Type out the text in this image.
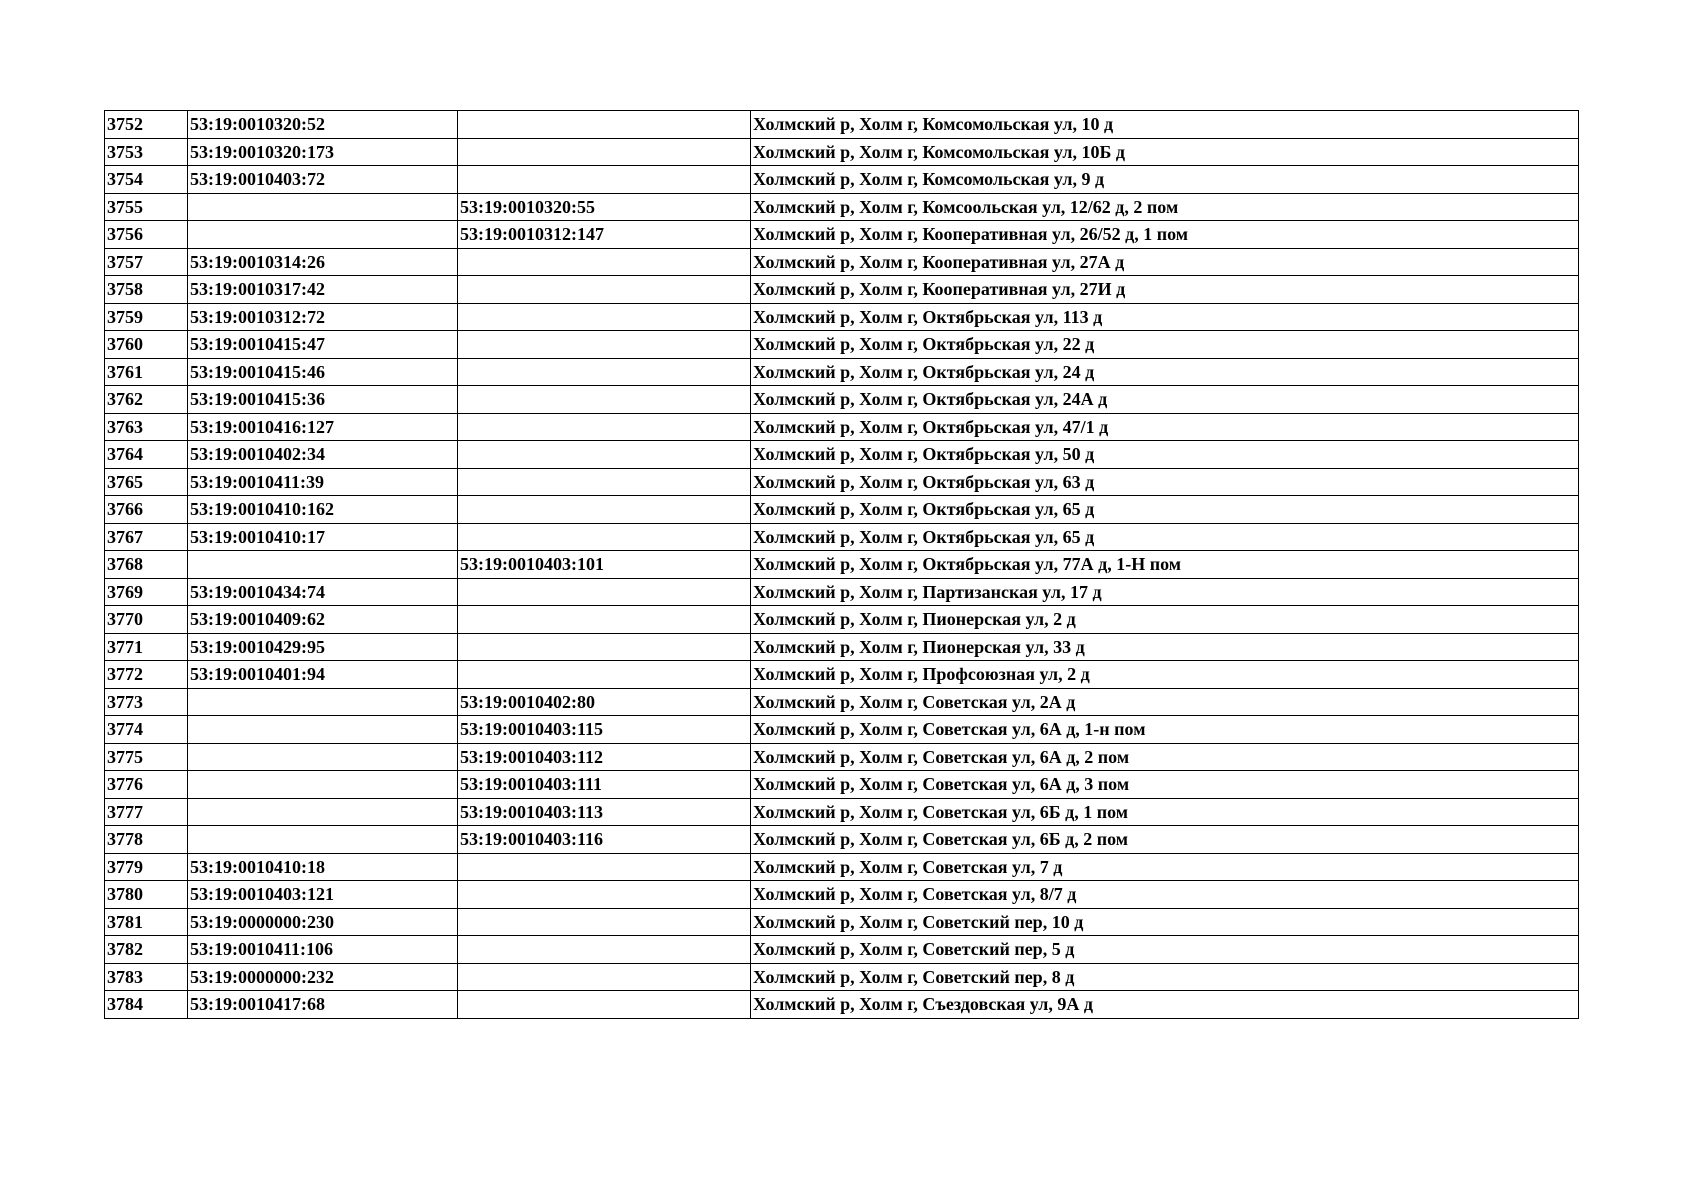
3752	53:19:0010320:52		Холмский р, Холм г, Комсомольская ул, 10 д
3753	53:19:0010320:173		Холмский р, Холм г, Комсомольская ул, 10Б д
3754	53:19:0010403:72		Холмский р, Холм г, Комсомольская ул, 9 д
3755		53:19:0010320:55	Холмский р, Холм г, Комсоольская ул, 12/62 д, 2 пом
3756		53:19:0010312:147	Холмский р, Холм г, Кооперативная ул, 26/52 д, 1 пом
3757	53:19:0010314:26		Холмский р, Холм г, Кооперативная ул, 27А д
3758	53:19:0010317:42		Холмский р, Холм г, Кооперативная ул, 27И д
3759	53:19:0010312:72		Холмский р, Холм г, Октябрьская ул, 113 д
3760	53:19:0010415:47		Холмский р, Холм г, Октябрьская ул, 22 д
3761	53:19:0010415:46		Холмский р, Холм г, Октябрьская ул, 24 д
3762	53:19:0010415:36		Холмский р, Холм г, Октябрьская ул, 24А д
3763	53:19:0010416:127		Холмский р, Холм г, Октябрьская ул, 47/1 д
3764	53:19:0010402:34		Холмский р, Холм г, Октябрьская ул, 50 д
3765	53:19:0010411:39		Холмский р, Холм г, Октябрьская ул, 63 д
3766	53:19:0010410:162		Холмский р, Холм г, Октябрьская ул, 65 д
3767	53:19:0010410:17		Холмский р, Холм г, Октябрьская ул, 65 д
3768		53:19:0010403:101	Холмский р, Холм г, Октябрьская ул, 77А д, 1-Н пом
3769	53:19:0010434:74		Холмский р, Холм г, Партизанская ул, 17 д
3770	53:19:0010409:62		Холмский р, Холм г, Пионерская ул, 2 д
3771	53:19:0010429:95		Холмский р, Холм г, Пионерская ул, 33 д
3772	53:19:0010401:94		Холмский р, Холм г, Профсоюзная ул, 2 д
3773		53:19:0010402:80	Холмский р, Холм г, Советская ул, 2А д
3774		53:19:0010403:115	Холмский р, Холм г, Советская ул, 6А д, 1-н пом
3775		53:19:0010403:112	Холмский р, Холм г, Советская ул, 6А д, 2 пом
3776		53:19:0010403:111	Холмский р, Холм г, Советская ул, 6А д, 3 пом
3777		53:19:0010403:113	Холмский р, Холм г, Советская ул, 6Б д, 1 пом
3778		53:19:0010403:116	Холмский р, Холм г, Советская ул, 6Б д, 2 пом
3779	53:19:0010410:18		Холмский р, Холм г, Советская ул, 7 д
3780	53:19:0010403:121		Холмский р, Холм г, Советская ул, 8/7 д
3781	53:19:0000000:230		Холмский р, Холм г, Советский пер, 10 д
3782	53:19:0010411:106		Холмский р, Холм г, Советский пер, 5 д
3783	53:19:0000000:232		Холмский р, Холм г, Советский пер, 8 д
3784	53:19:0010417:68		Холмский р, Холм г, Съездовская ул, 9А д
